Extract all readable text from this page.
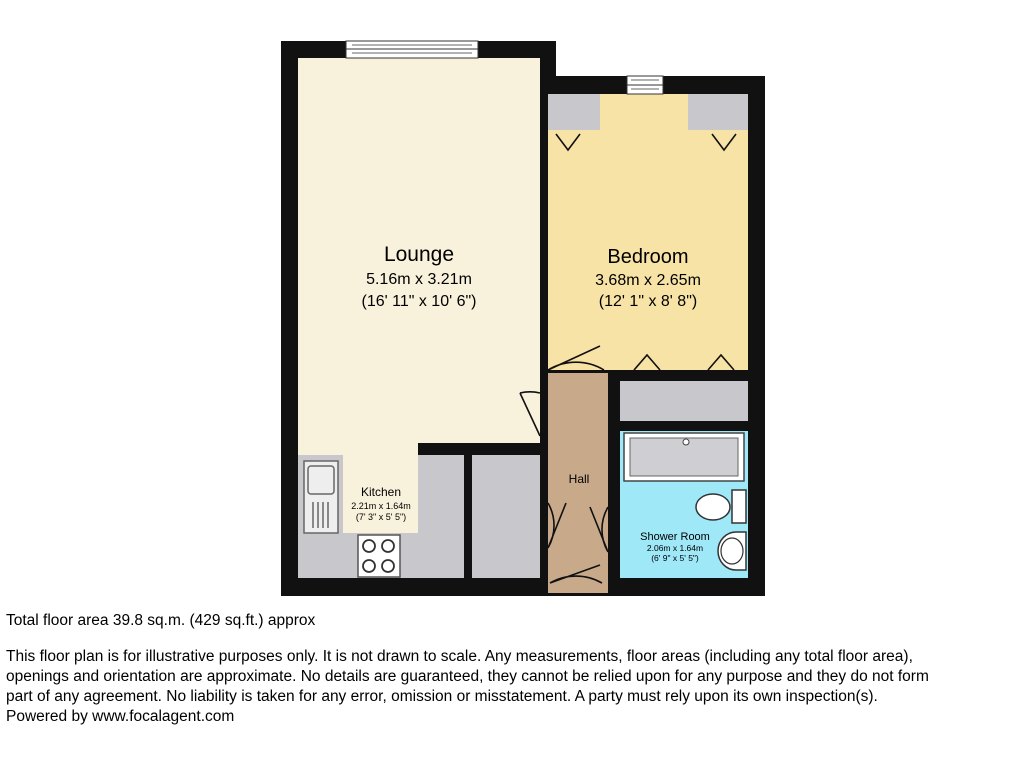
Lounge
5.16m x 3.21m
(16' 11" x 10' 6")
Bedroom
3.68m x 2.65m
(12' 1" x 8' 8")
Kitchen
2.21m x 1.64m
(7' 3" x 5' 5")
Hall
Shower Room
2.06m x 1.64m
(6' 9" x 5' 5")

Total floor area 39.8 sq.m. (429 sq.ft.) approx

This floor plan is for illustrative purposes only. It is not drawn to scale. Any measurements, floor areas (including any total floor area),
openings and orientation are approximate. No details are guaranteed, they cannot be relied upon for any purpose and they do not form
part of any agreement. No liability is taken for any error, omission or misstatement. A party must rely upon its own inspection(s).
Powered by www.focalagent.com
